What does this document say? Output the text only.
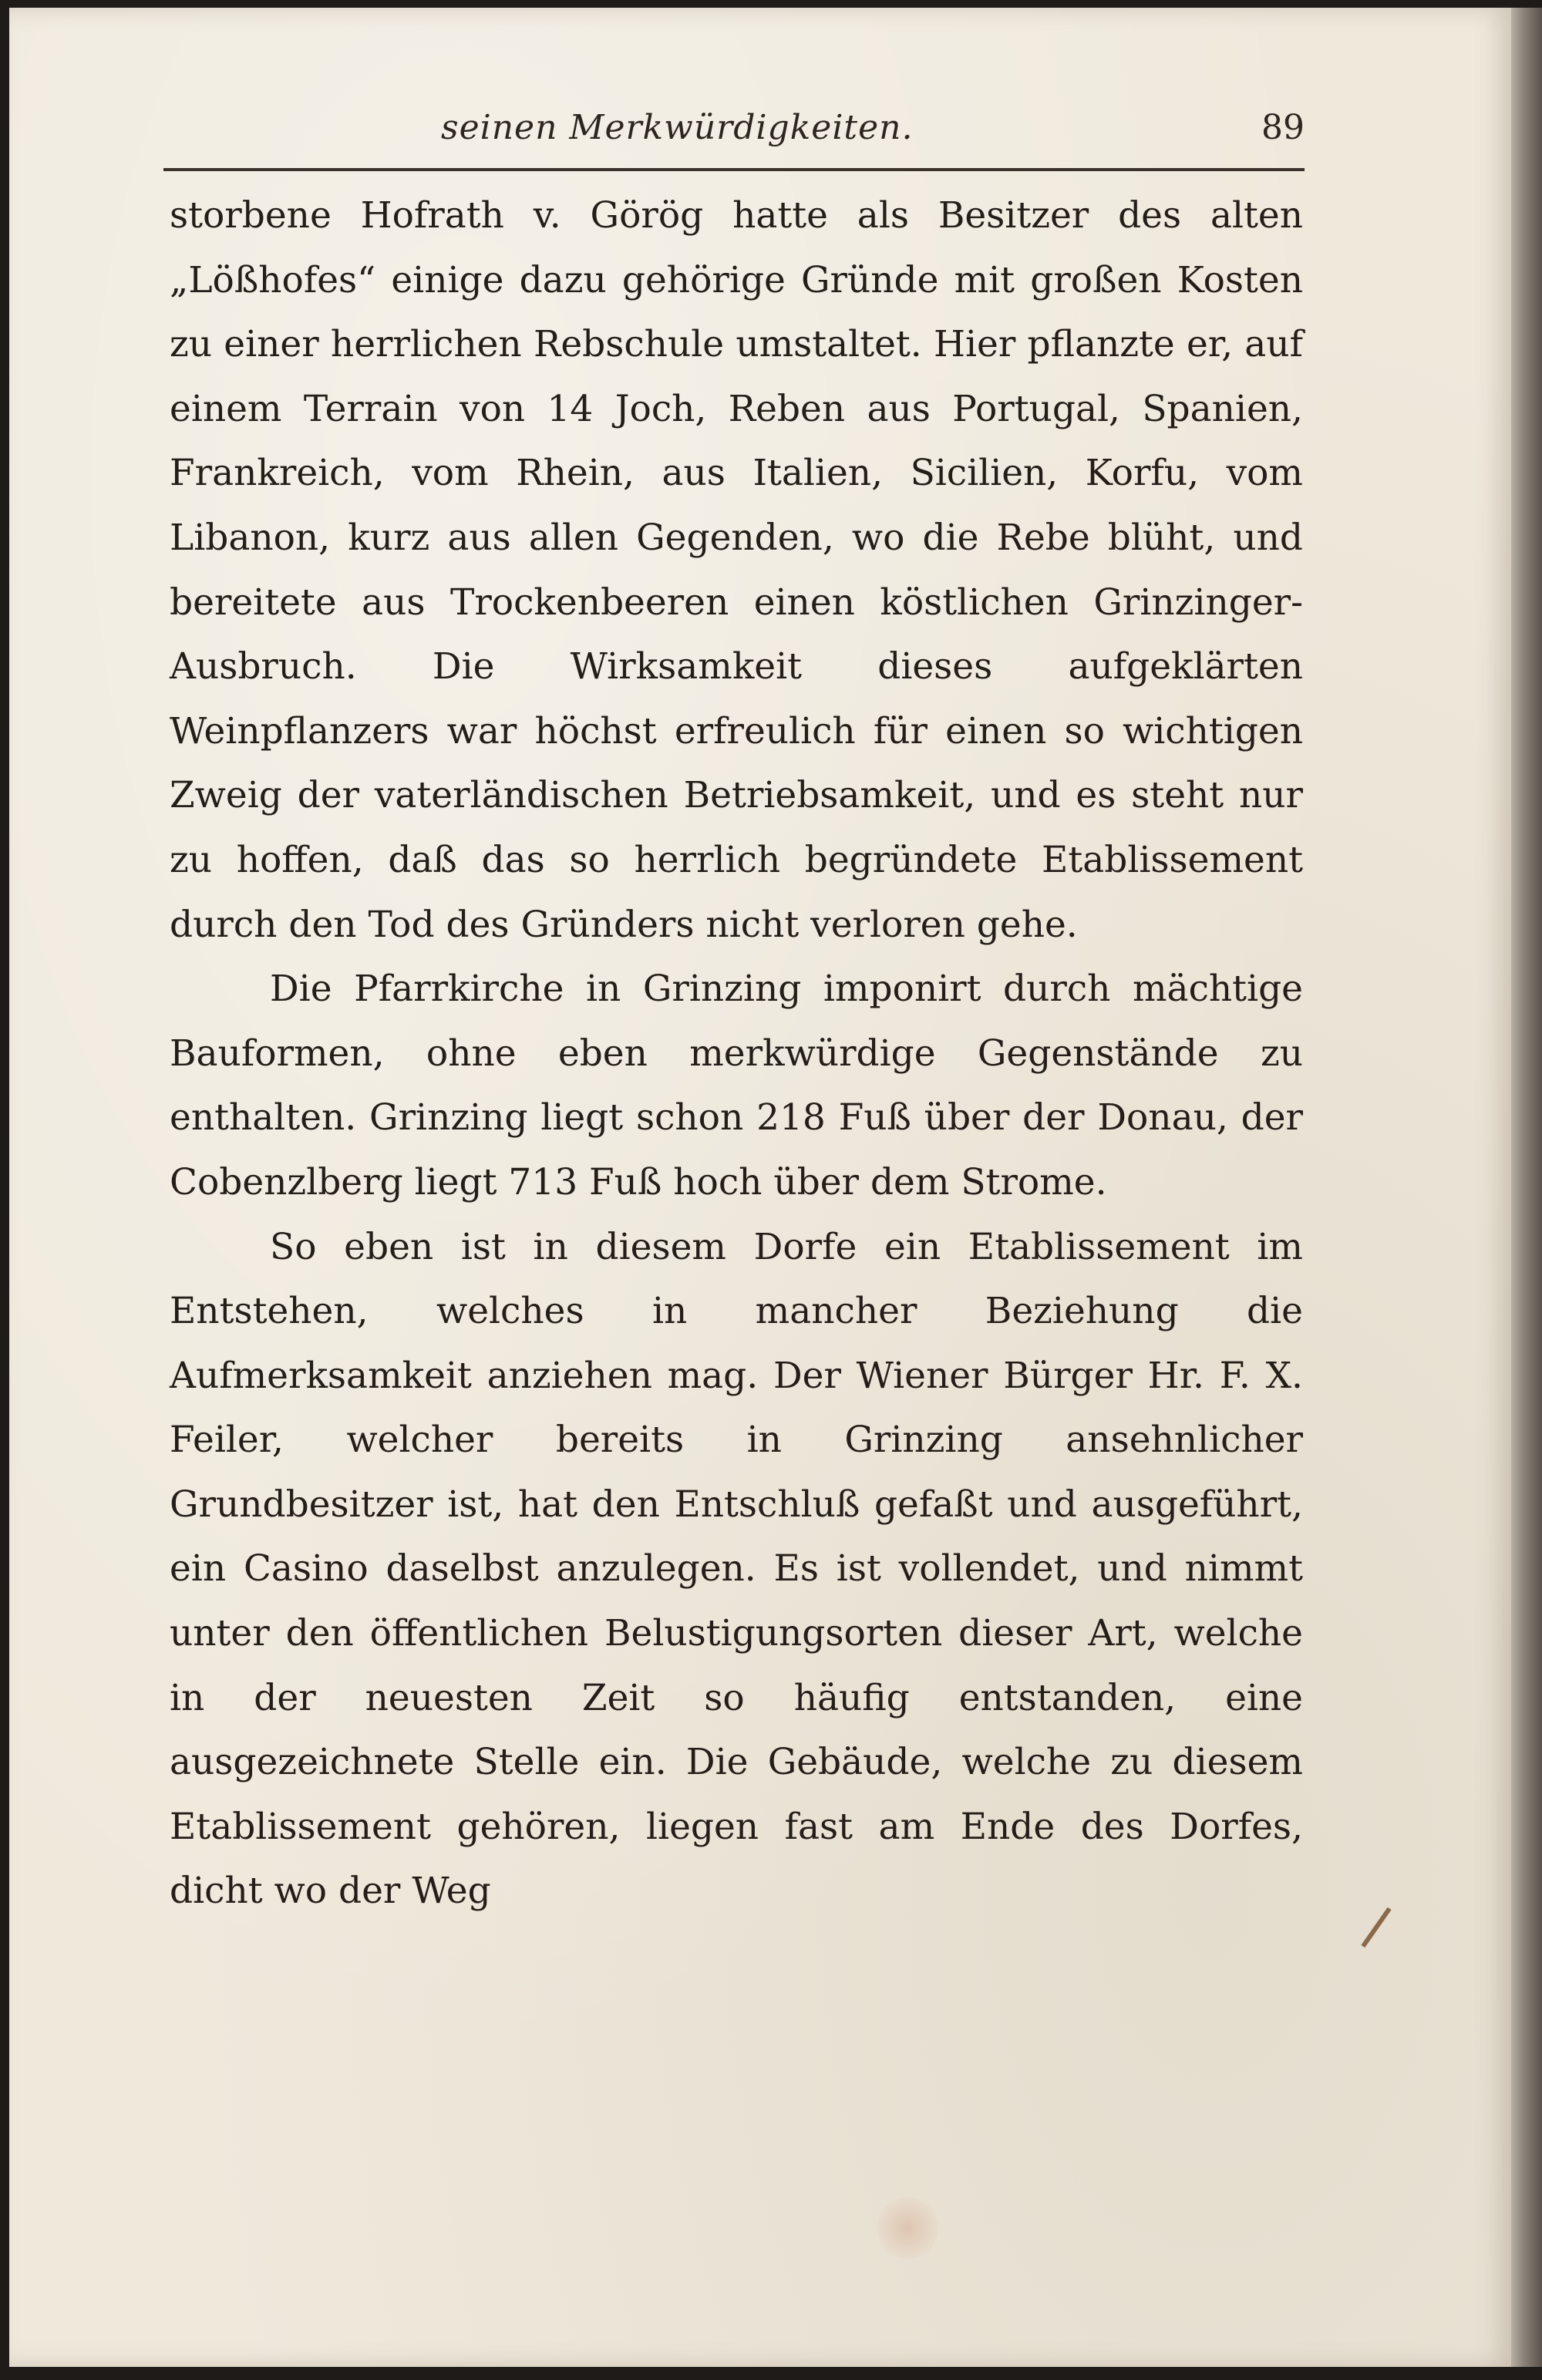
seinen Merkwürdigkeiten.	89

storbene Hofrath v. Görög hatte als Besitzer des alten „Lößhofes“ einige dazu gehörige Gründe mit großen Kosten zu einer herrlichen Rebschule umstaltet. Hier pflanzte er, auf einem Terrain von 14 Joch, Reben aus Portugal, Spanien, Frankreich, vom Rhein, aus Italien, Sicilien, Korfu, vom Libanon, kurz aus allen Gegenden, wo die Rebe blüht, und bereitete aus Trockenbeeren einen köstlichen Grinzinger-Ausbruch. Die Wirksamkeit dieses aufgeklärten Weinpflanzers war höchst erfreulich für einen so wichtigen Zweig der vaterländischen Betriebsamkeit, und es steht nur zu hoffen, daß das so herrlich begründete Etablissement durch den Tod des Gründers nicht verloren gehe.

Die Pfarrkirche in Grinzing imponirt durch mächtige Bauformen, ohne eben merkwürdige Gegenstände zu enthalten. Grinzing liegt schon 218 Fuß über der Donau, der Cobenzlberg liegt 713 Fuß hoch über dem Strome.

So eben ist in diesem Dorfe ein Etablissement im Entstehen, welches in mancher Beziehung die Aufmerksamkeit anziehen mag. Der Wiener Bürger Hr. F. X. Feiler, welcher bereits in Grinzing ansehnlicher Grundbesitzer ist, hat den Entschluß gefaßt und ausgeführt, ein Casino daselbst anzulegen. Es ist vollendet, und nimmt unter den öffentlichen Belustigungsorten dieser Art, welche in der neuesten Zeit so häufig entstanden, eine ausgezeichnete Stelle ein. Die Gebäude, welche zu diesem Etablissement gehören, liegen fast am Ende des Dorfes, dicht wo der Weg
